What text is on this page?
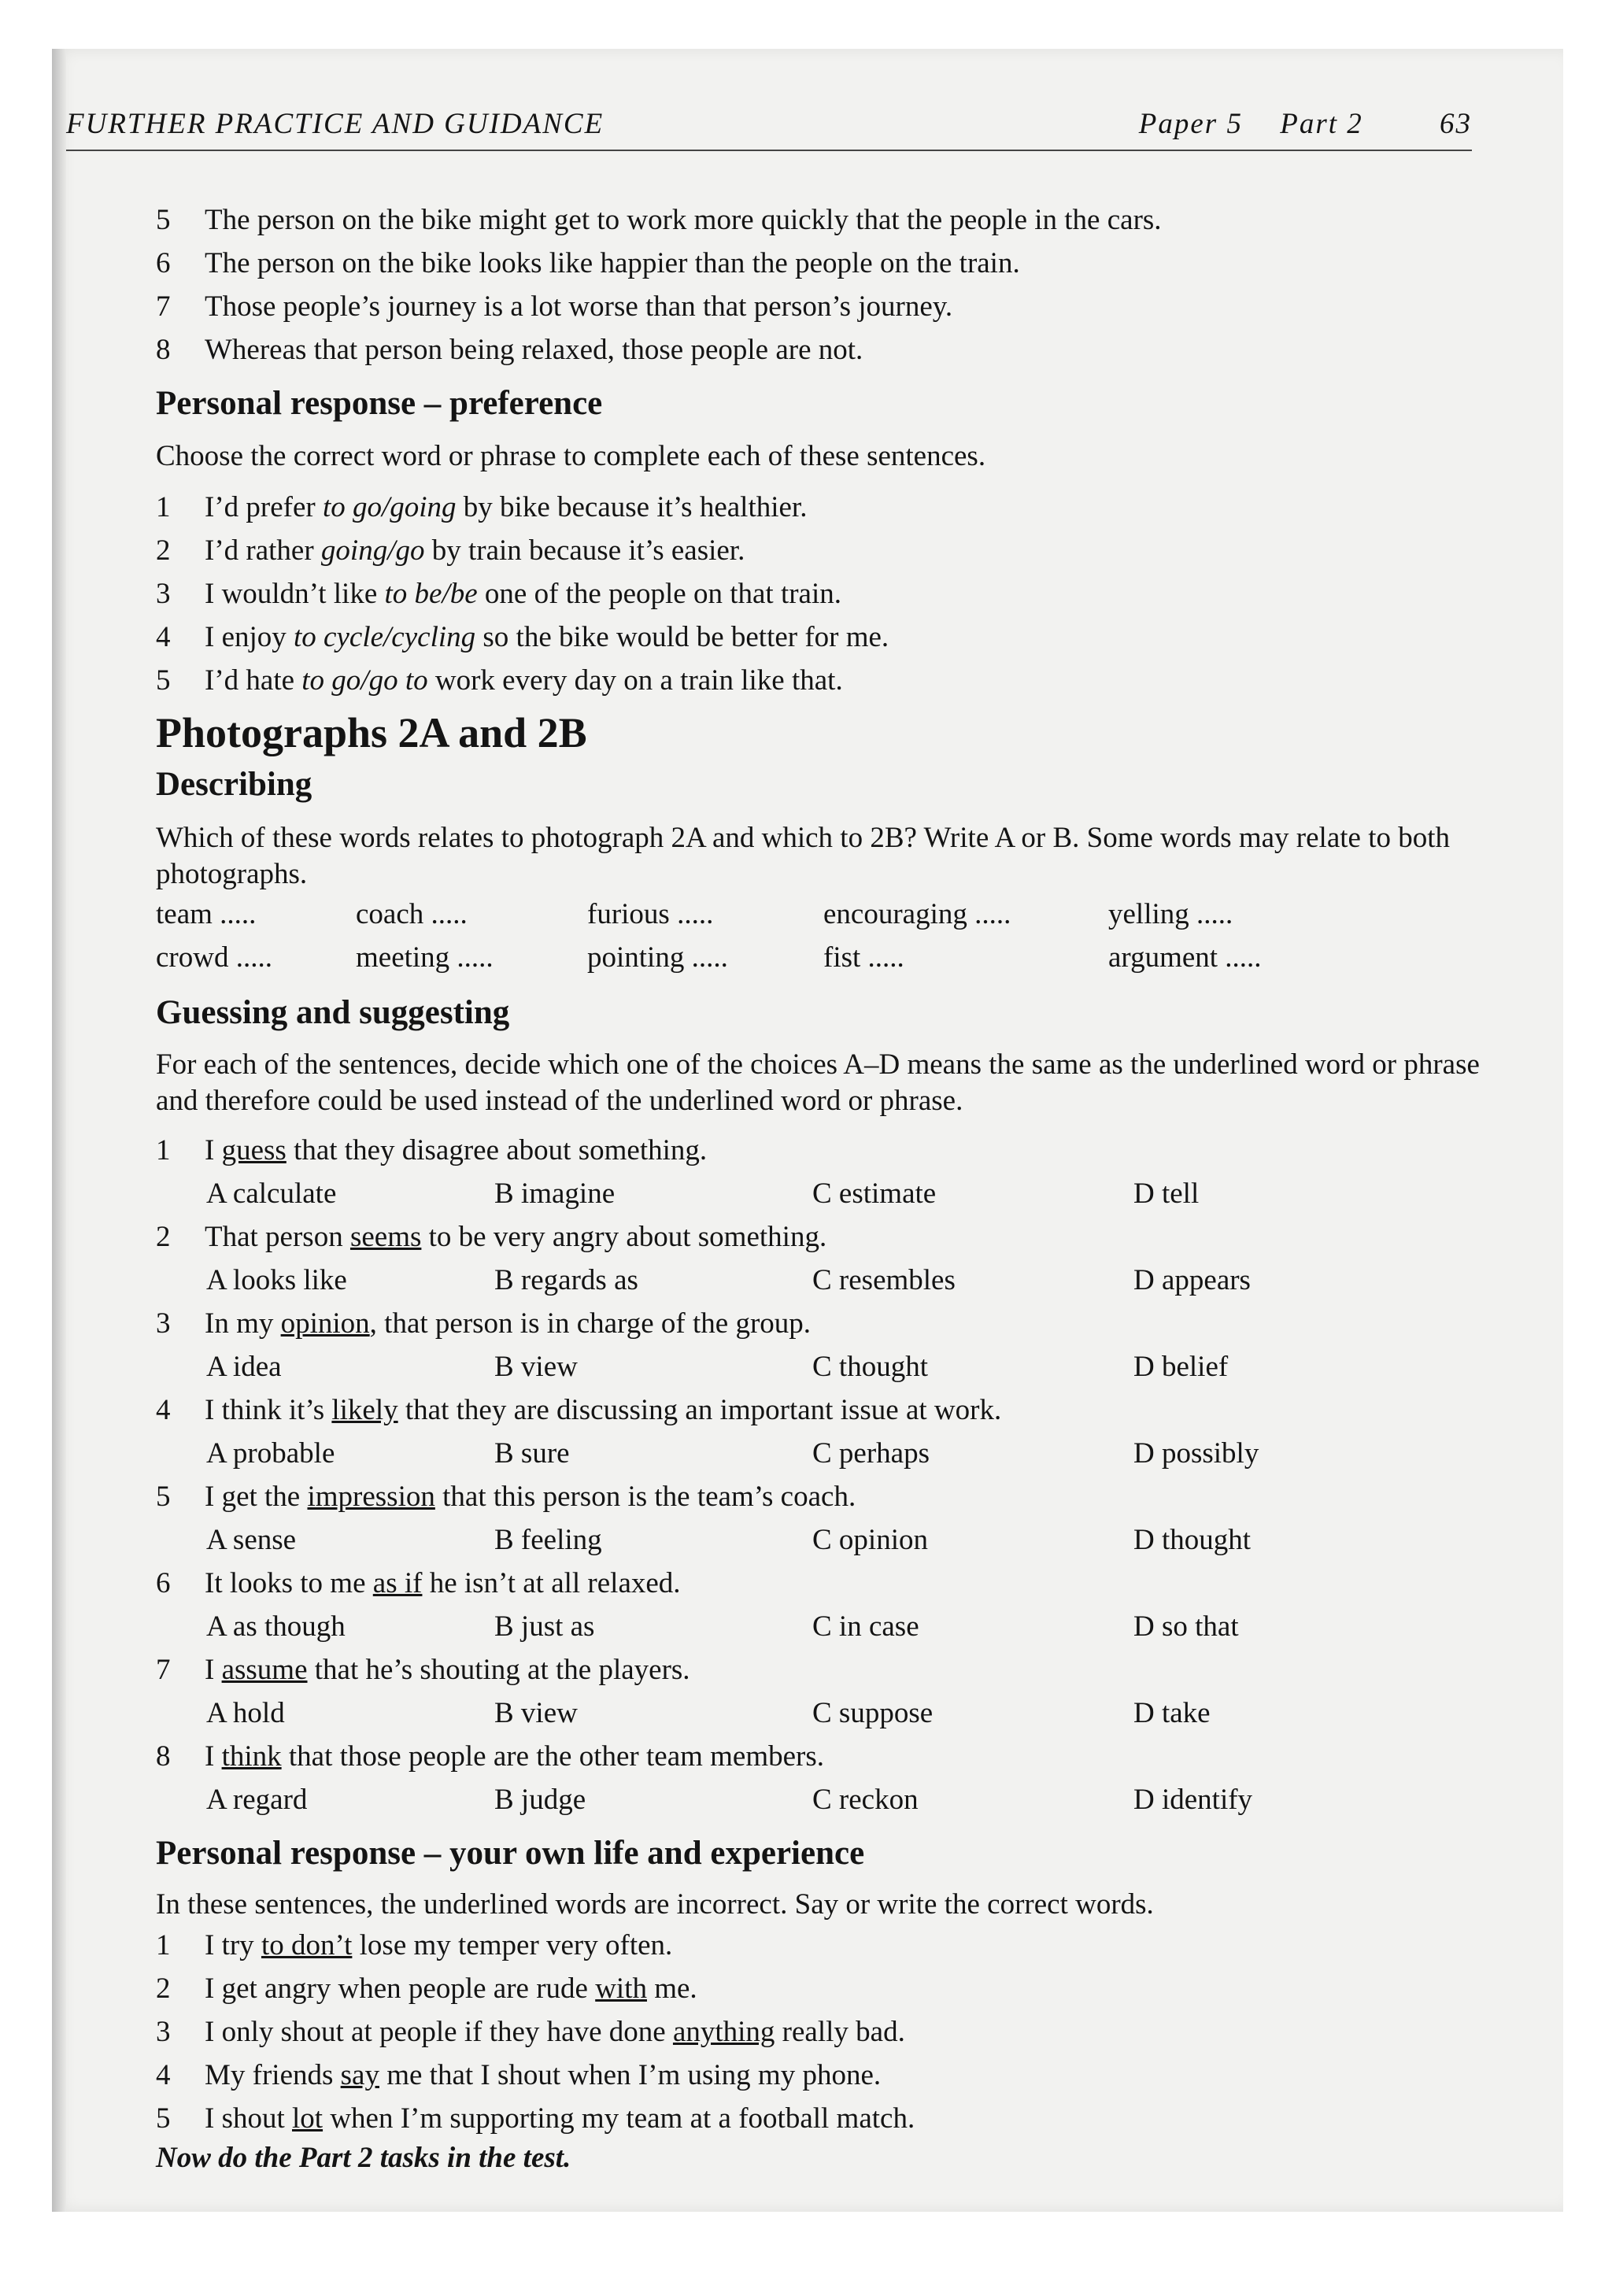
FURTHER PRACTICE AND GUIDANCE	Paper 5 Part 2	63
5 The person on the bike might get to work more quickly that the people in the cars.
6 The person on the bike looks like happier than the people on the train.
7 Those people’s journey is a lot worse than that person’s journey.
8 Whereas that person being relaxed, those people are not.
Personal response – preference
Choose the correct word or phrase to complete each of these sentences.
1 I’d prefer to go/going by bike because it’s healthier.
2 I’d rather going/go by train because it’s easier.
3 I wouldn’t like to be/be one of the people on that train.
4 I enjoy to cycle/cycling so the bike would be better for me.
5 I’d hate to go/go to work every day on a train like that.
Photographs 2A and 2B
Describing
Which of these words relates to photograph 2A and which to 2B? Write A or B. Some words may relate to both photographs.
team .....	coach .....	furious .....	encouraging .....	yelling .....
crowd .....	meeting .....	pointing .....	fist .....	argument .....
Guessing and suggesting
For each of the sentences, decide which one of the choices A–D means the same as the underlined word or phrase and therefore could be used instead of the underlined word or phrase.
1 I guess that they disagree about something.
A calculate	B imagine	C estimate	D tell
2 That person seems to be very angry about something.
A looks like	B regards as	C resembles	D appears
3 In my opinion, that person is in charge of the group.
A idea	B view	C thought	D belief
4 I think it’s likely that they are discussing an important issue at work.
A probable	B sure	C perhaps	D possibly
5 I get the impression that this person is the team’s coach.
A sense	B feeling	C opinion	D thought
6 It looks to me as if he isn’t at all relaxed.
A as though	B just as	C in case	D so that
7 I assume that he’s shouting at the players.
A hold	B view	C suppose	D take
8 I think that those people are the other team members.
A regard	B judge	C reckon	D identify
Personal response – your own life and experience
In these sentences, the underlined words are incorrect. Say or write the correct words.
1 I try to don’t lose my temper very often.
2 I get angry when people are rude with me.
3 I only shout at people if they have done anything really bad.
4 My friends say me that I shout when I’m using my phone.
5 I shout lot when I’m supporting my team at a football match.
Now do the Part 2 tasks in the test.
